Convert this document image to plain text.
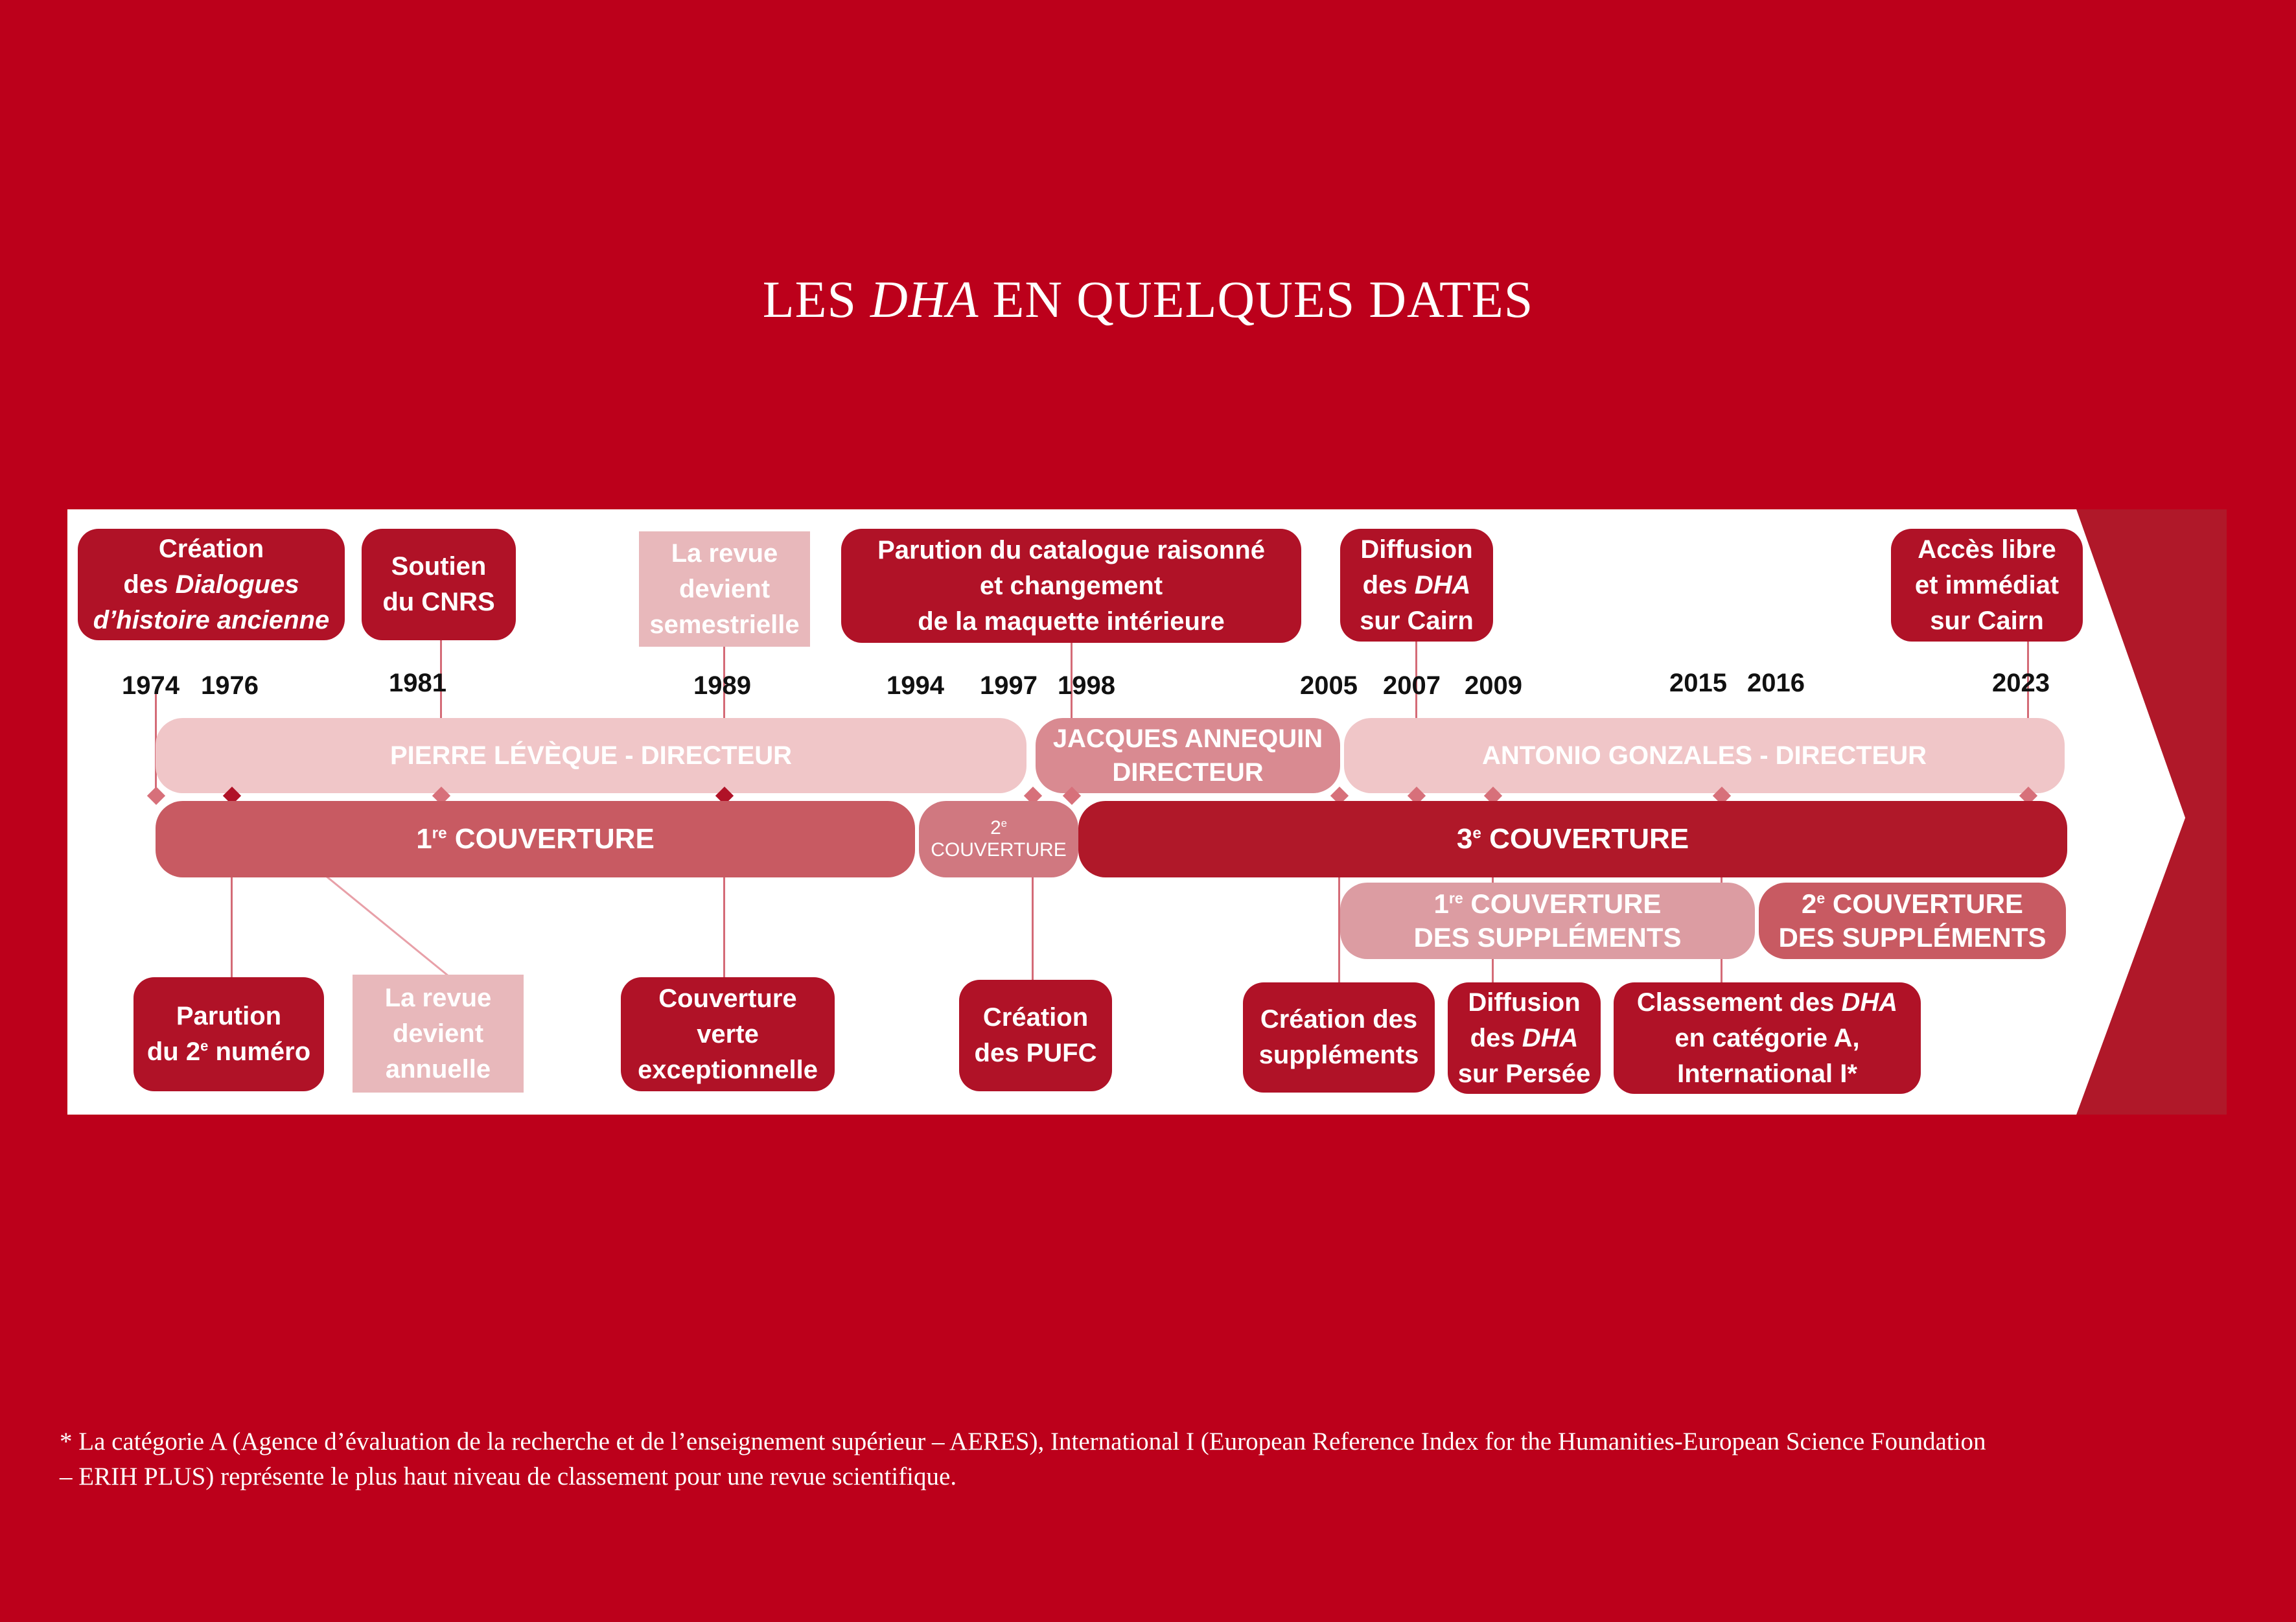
LES DHA EN QUELQUES DATES
Création
des Dialogues
d’histoire ancienne
Soutien
du CNRS
La revue
devient
semestrielle
Parution du catalogue raisonné
et changement
de la maquette intérieure
Diffusion
des DHA
sur Cairn
Accès libre
et immédiat
sur Cairn
1974 1976	1981	1989	1994 1997 1998	2005 2007 2009	2015 2016	2023
PIERRE LÉVÈQUE - DIRECTEUR
JACQUES ANNEQUIN
DIRECTEUR
ANTONIO GONZALES - DIRECTEUR
1re COUVERTURE	2e
COUVERTURE	3e COUVERTURE
1re COUVERTURE
DES SUPPLÉMENTS
2e COUVERTURE
DES SUPPLÉMENTS
Parution
du 2e numéro
La revue
devient
annuelle
Couverture
verte
exceptionnelle
Création
des PUFC
Création des
suppléments
Diffusion
des DHA
sur Persée
Classement des DHA
en catégorie A,
International I*
* La catégorie A (Agence d’évaluation de la recherche et de l’enseignement supérieur – AERES), International I (European Reference Index for the Humanities-European Science Foundation
– ERIH PLUS) représente le plus haut niveau de classement pour une revue scientifique.
